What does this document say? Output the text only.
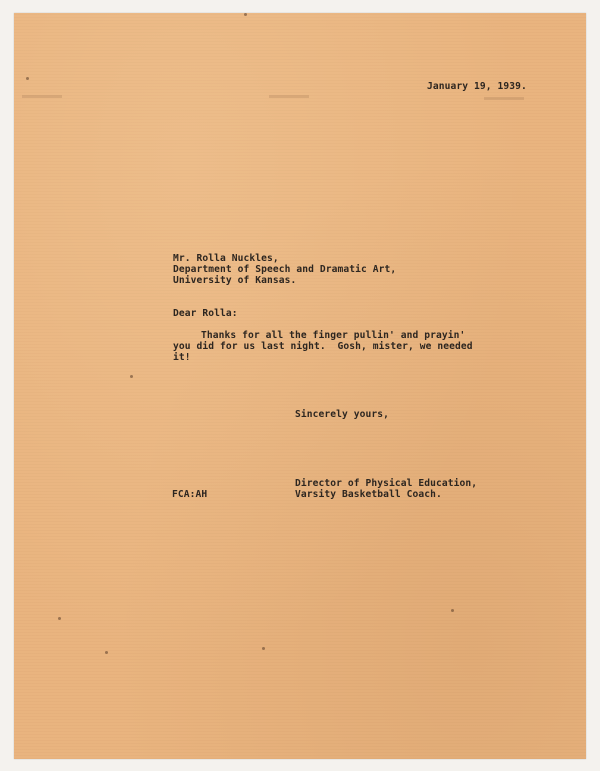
January 19, 1939.
Mr. Rolla Nuckles,
Department of Speech and Dramatic Art,
University of Kansas.
Dear Rolla:
Thanks for all the finger pullin' and prayin'
you did for us last night.  Gosh, mister, we needed
it!
Sincerely yours,
Director of Physical Education,
Varsity Basketball Coach.
FCA:AH
